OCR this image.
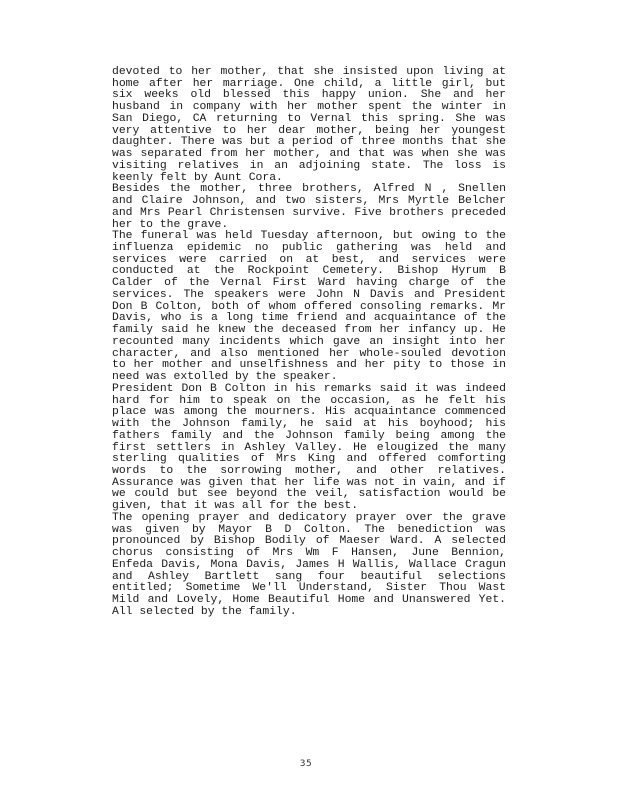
devoted to her mother, that she insisted upon living at
home after her marriage. One child, a little girl, but
six weeks old blessed this happy union. She and her
husband in company with her mother spent the winter in
San Diego, CA returning to Vernal this spring. She was
very attentive to her dear mother, being her youngest
daughter. There was but a period of three months that she
was separated from her mother, and that was when she was
visiting relatives in an adjoining state. The loss is
keenly felt by Aunt Cora.
Besides the mother, three brothers, Alfred N , Snellen
and Claire Johnson, and two sisters, Mrs Myrtle Belcher
and Mrs Pearl Christensen survive. Five brothers preceded
her to the grave.
The funeral was held Tuesday afternoon, but owing to the
influenza epidemic no public gathering was held and
services were carried on at best, and services were
conducted at the Rockpoint Cemetery. Bishop Hyrum B
Calder of the Vernal First Ward having charge of the
services. The speakers were John N Davis and President
Don B Colton, both of whom offered consoling remarks. Mr
Davis, who is a long time friend and acquaintance of the
family said he knew the deceased from her infancy up. He
recounted many incidents which gave an insight into her
character, and also mentioned her whole-souled devotion
to her mother and unselfishness and her pity to those in
need was extolled by the speaker.
President Don B Colton in his remarks said it was indeed
hard for him to speak on the occasion, as he felt his
place was among the mourners. His acquaintance commenced
with the Johnson family, he said at his boyhood; his
fathers family and the Johnson family being among the
first settlers in Ashley Valley. He elougized the many
sterling qualities of Mrs King and offered comforting
words to the sorrowing mother, and other relatives.
Assurance was given that her life was not in vain, and if
we could but see beyond the veil, satisfaction would be
given, that it was all for the best.
The opening prayer and dedicatory prayer over the grave
was given by Mayor B D Colton. The benediction was
pronounced by Bishop Bodily of Maeser Ward. A selected
chorus consisting of Mrs Wm F Hansen, June Bennion,
Enfeda Davis, Mona Davis, James H Wallis, Wallace Cragun
and Ashley Bartlett sang four beautiful selections
entitled; Sometime We'll Understand, Sister Thou Wast
Mild and Lovely, Home Beautiful Home and Unanswered Yet.
All selected by the family.
35
